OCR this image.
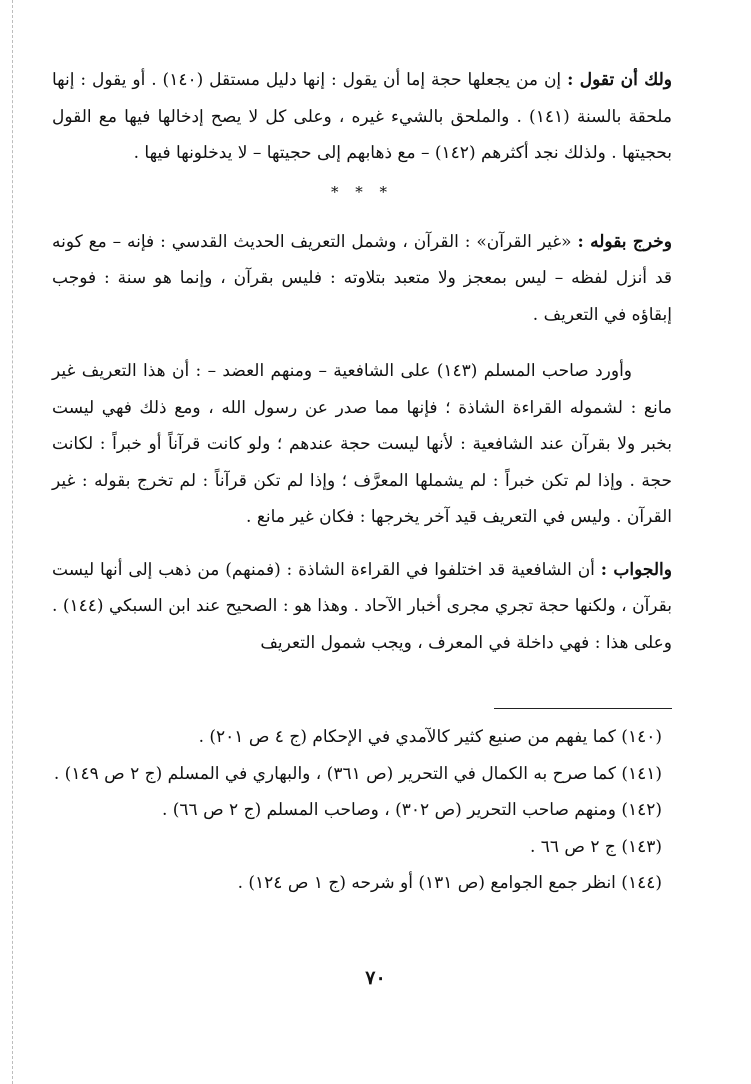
ولك أن تقول : إن من يجعلها حجة إما أن يقول : إنها دليل مستقل (١٤٠) . أو يقول : إنها ملحقة بالسنة (١٤١) . والملحق بالشيء غيره ، وعلى كل لا يصح إدخالها فيها مع القول بحجيتها . ولذلك نجد أكثرهم (١٤٢) – مع ذهابهم إلى حجيتها – لا يدخلونها فيها .

* * *

وخرج بقوله : «غير القرآن» : القرآن ، وشمل التعريف الحديث القدسي : فإنه – مع كونه قد أنزل لفظه – ليس بمعجز ولا متعبد بتلاوته : فليس بقرآن ، وإنما هو سنة : فوجب إبقاؤه في التعريف .

وأورد صاحب المسلم (١٤٣) على الشافعية – ومنهم العضد – : أن هذا التعريف غير مانع : لشموله القراءة الشاذة ؛ فإنها مما صدر عن رسول الله ، ومع ذلك فهي ليست بخبر ولا بقرآن عند الشافعية : لأنها ليست حجة عندهم ؛ ولو كانت قرآناً أو خبراً : لكانت حجة . وإذا لم تكن خبراً : لم يشملها المعرَّف ؛ وإذا لم تكن قرآناً : لم تخرج بقوله : غير القرآن . وليس في التعريف قيد آخر يخرجها : فكان غير مانع .

والجواب : أن الشافعية قد اختلفوا في القراءة الشاذة : (فمنهم) من ذهب إلى أنها ليست بقرآن ، ولكنها حجة تجري مجرى أخبار الآحاد . وهذا هو : الصحيح عند ابن السبكي (١٤٤) . وعلى هذا : فهي داخلة في المعرف ، ويجب شمول التعريف

(١٤٠) كما يفهم من صنيع كثير كالآمدي في الإحكام (ج ٤ ص ٢٠١) .

(١٤١) كما صرح به الكمال في التحرير (ص ٣٦١) ، والبهاري في المسلم (ج ٢ ص ١٤٩) .

(١٤٢) ومنهم صاحب التحرير (ص ٣٠٢) ، وصاحب المسلم (ج ٢ ص ٦٦) .

(١٤٣) ج ٢ ص ٦٦ .

(١٤٤) انظر جمع الجوامع (ص ١٣١) أو شرحه (ج ١ ص ١٢٤) .

٧٠
